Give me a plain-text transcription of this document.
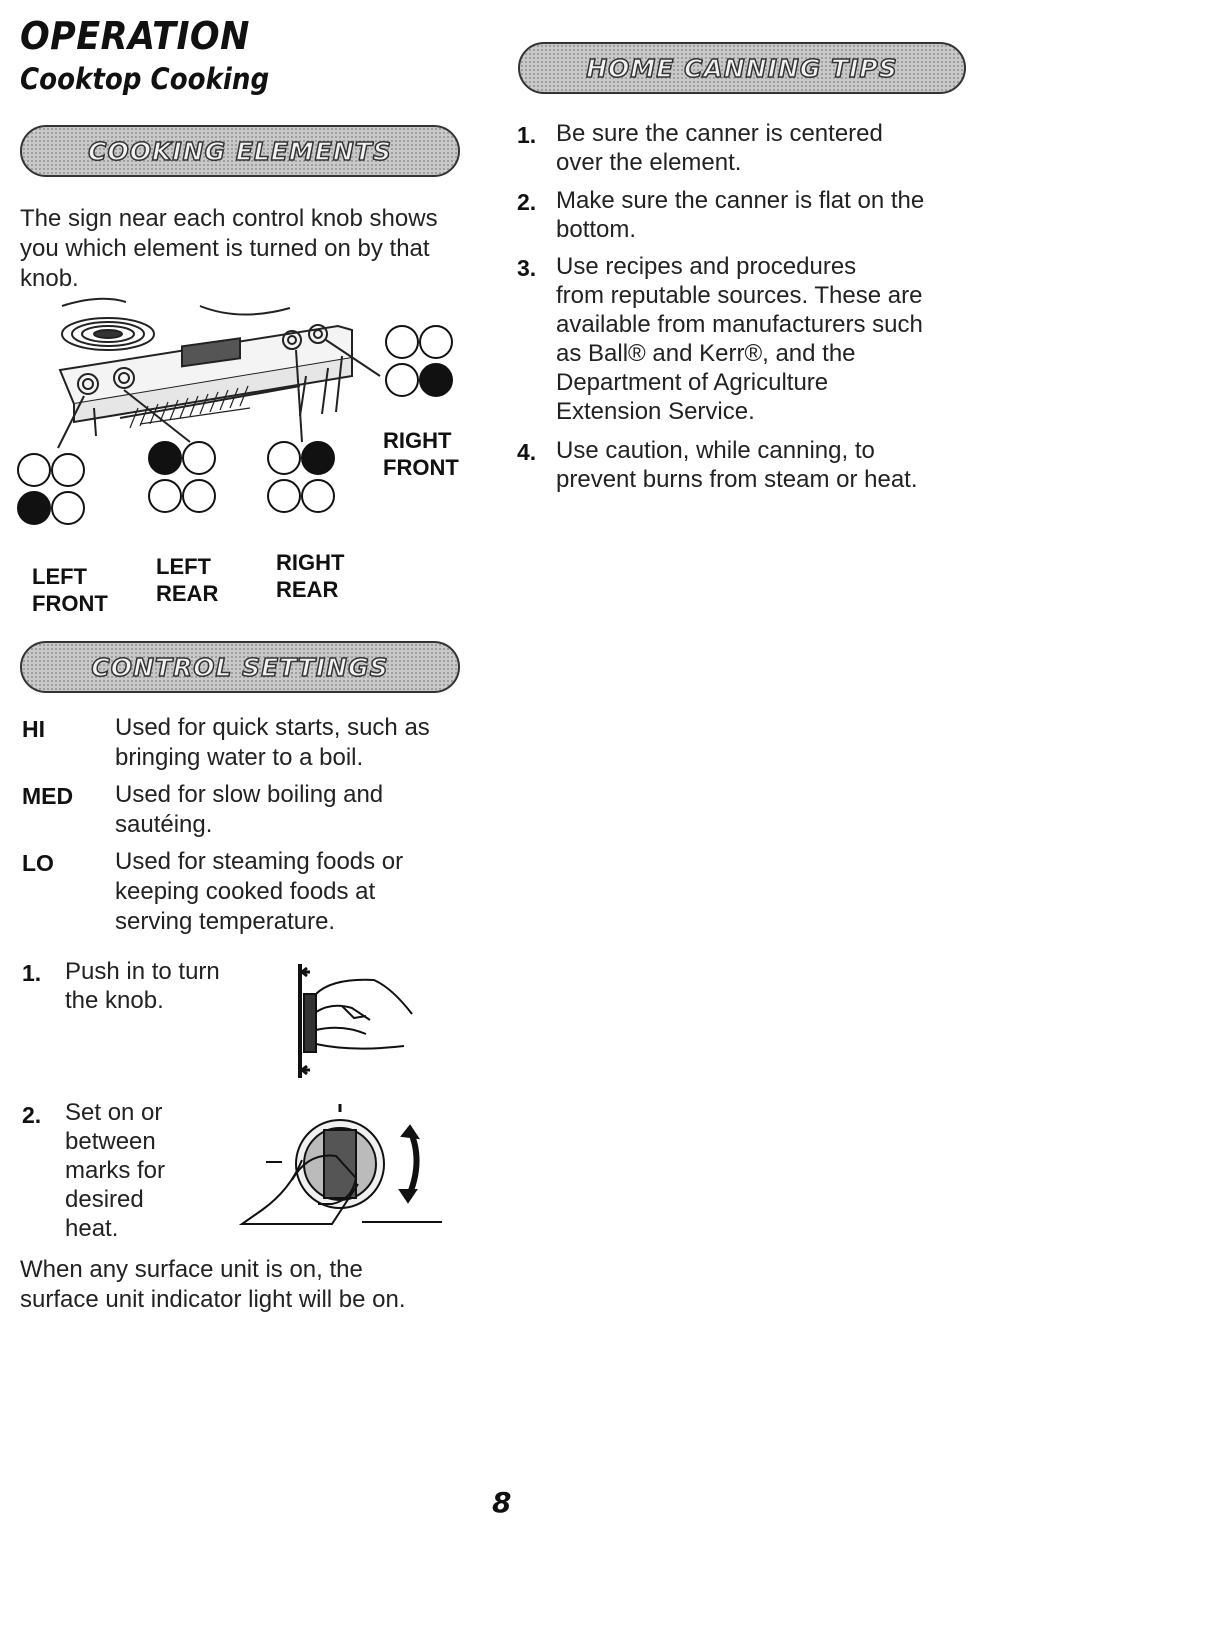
OPERATION
Cooktop Cooking
COOKING ELEMENTS
The sign near each control knob shows you which element is turned on by that knob.
RIGHT
FRONT
LEFT
FRONT
LEFT
REAR
RIGHT
REAR
CONTROL SETTINGS
HI	Used for quick starts, such as
bringing water to a boil.
MED Used for slow boiling and
sautéing.
LO	Used for steaming foods or
keeping cooked foods at
serving temperature.
1. Push in to turn
the knob.
2. Set on or
between
marks for
desired
heat.
When any surface unit is on, the
surface unit indicator light will be on.
HOME CANNING TIPS
1. Be sure the canner is centered
over the element.
2. Make sure the canner is flat on the
bottom.
3. Use recipes and procedures
from reputable sources. These are
available from manufacturers such
as Ball® and Kerr®, and the
Department of Agriculture
Extension Service.
4. Use caution, while canning, to
prevent burns from steam or heat.
8
